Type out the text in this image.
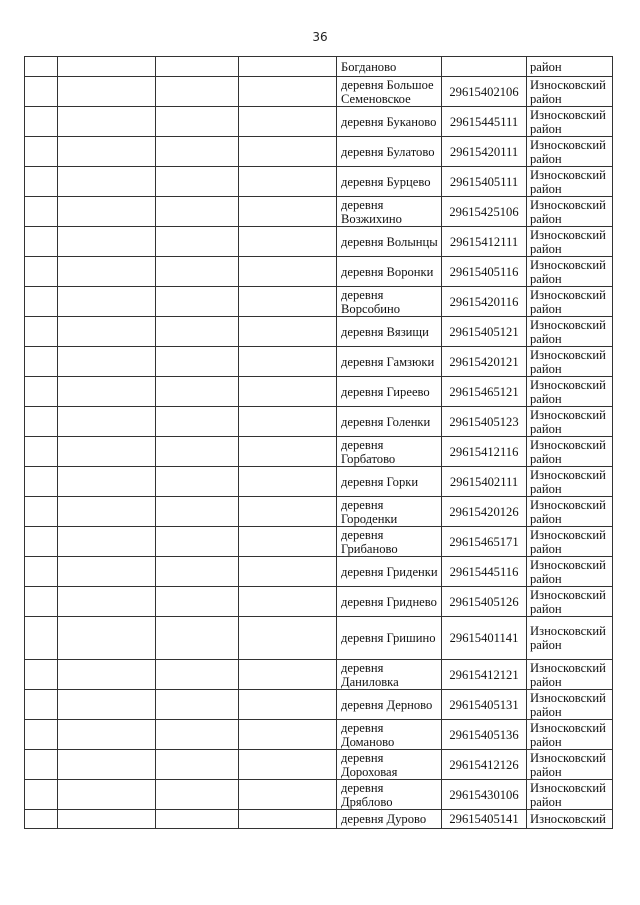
36
				Богданово		район
				деревня Большое Семеновское	29615402106	Износковский район
				деревня Буканово	29615445111	Износковский район
				деревня Булатово	29615420111	Износковский район
				деревня Бурцево	29615405111	Износковский район
				деревня Возжихино	29615425106	Износковский район
				деревня Волынцы	29615412111	Износковский район
				деревня Воронки	29615405116	Износковский район
				деревня Ворсобино	29615420116	Износковский район
				деревня Вязищи	29615405121	Износковский район
				деревня Гамзюки	29615420121	Износковский район
				деревня Гиреево	29615465121	Износковский район
				деревня Голенки	29615405123	Износковский район
				деревня Горбатово	29615412116	Износковский район
				деревня Горки	29615402111	Износковский район
				деревня Городенки	29615420126	Износковский район
				деревня Грибаново	29615465171	Износковский район
				деревня Гриденки	29615445116	Износковский район
				деревня Гриднево	29615405126	Износковский район
				деревня Гришино	29615401141	Износковский район
				деревня Даниловка	29615412121	Износковский район
				деревня Дерново	29615405131	Износковский район
				деревня Доманово	29615405136	Износковский район
				деревня Дороховая	29615412126	Износковский район
				деревня Дряблово	29615430106	Износковский район
				деревня Дурово	29615405141	Износковский
